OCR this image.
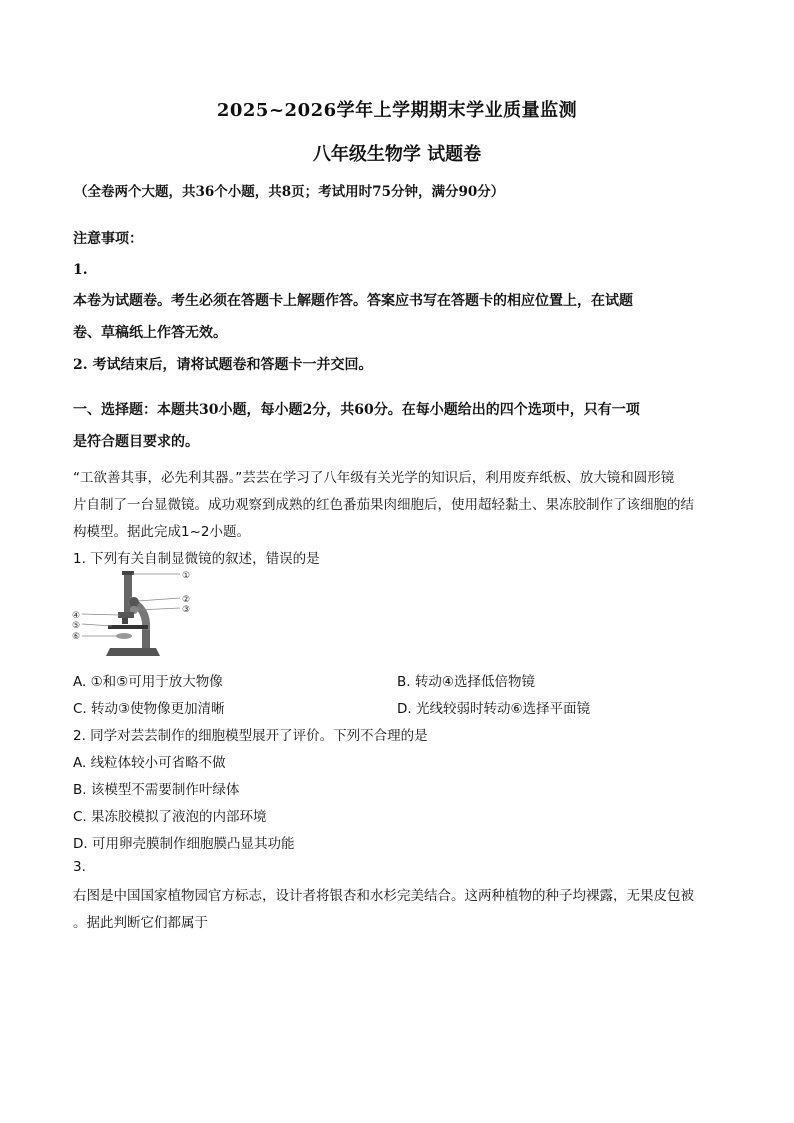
2025~2026学年上学期期末学业质量监测
八年级生物学 试题卷
（全卷两个大题，共36个小题，共8页；考试用时75分钟，满分90分）
注意事项：
1.
本卷为试题卷。考生必须在答题卡上解题作答。答案应书写在答题卡的相应位置上，在试题
卷、草稿纸上作答无效。
2. 考试结束后，请将试题卷和答题卡一并交回。
一、选择题：本题共30小题，每小题2分，共60分。在每小题给出的四个选项中，只有一项
是符合题目要求的。
“工欲善其事，必先利其器。”芸芸在学习了八年级有关光学的知识后，利用废弃纸板、放大镜和圆形镜
片自制了一台显微镜。成功观察到成熟的红色番茄果肉细胞后，使用超轻黏土、果冻胶制作了该细胞的结
构模型。据此完成1~2小题。
1. 下列有关自制显微镜的叙述，错误的是
①
②
③
④
⑤
⑥
A. ①和⑤可用于放大物像	B. 转动④选择低倍物镜
C. 转动③使物像更加清晰	D. 光线较弱时转动⑥选择平面镜
2. 同学对芸芸制作的细胞模型展开了评价。下列不合理的是
A. 线粒体较小可省略不做
B. 该模型不需要制作叶绿体
C. 果冻胶模拟了液泡的内部环境
D. 可用卵壳膜制作细胞膜凸显其功能
3.
右图是中国国家植物园官方标志，设计者将银杏和水杉完美结合。这两种植物的种子均裸露，无果皮包被
。据此判断它们都属于
